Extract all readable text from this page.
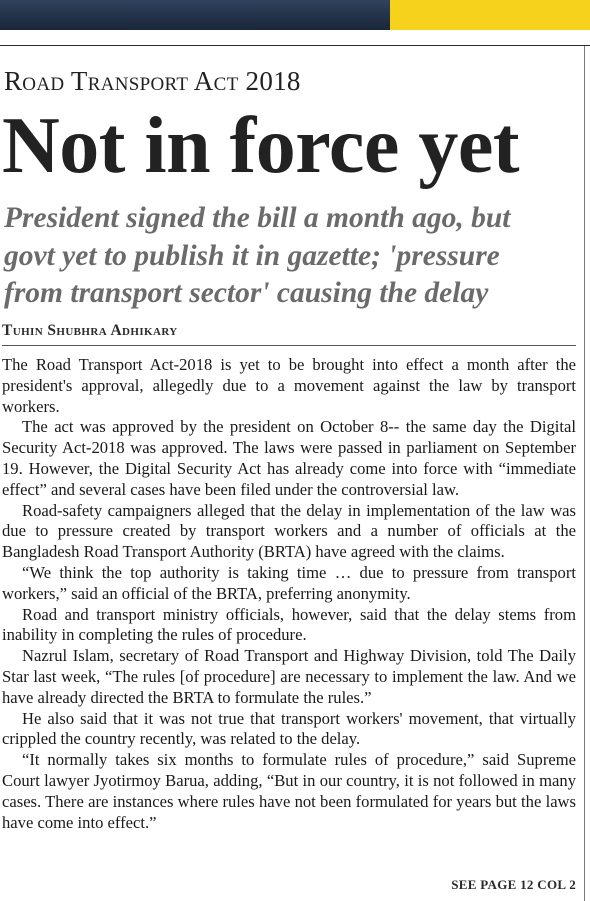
Road Transport Act 2018
Not in force yet
President signed the bill a month ago, but
govt yet to publish it in gazette; 'pressure
from transport sector' causing the delay
Tuhin Shubhra Adhikary

The Road Transport Act-2018 is yet to be brought into effect a month after the president's approval, allegedly due to a movement against the law by transport workers.

The act was approved by the president on October 8-- the same day the Digital Security Act-2018 was approved. The laws were passed in parliament on September 19. However, the Digital Security Act has already come into force with “immediate effect” and several cases have been filed under the controversial law.

Road-safety campaigners alleged that the delay in implementation of the law was due to pressure created by transport workers and a number of officials at the Bangladesh Road Transport Authority (BRTA) have agreed with the claims.

“We think the top authority is taking time … due to pressure from transport workers,” said an official of the BRTA, preferring anonymity.

Road and transport ministry officials, however, said that the delay stems from inability in completing the rules of procedure.

Nazrul Islam, secretary of Road Transport and Highway Division, told The Daily Star last week, “The rules [of procedure] are necessary to implement the law. And we have already directed the BRTA to formulate the rules.”

He also said that it was not true that transport workers' movement, that virtually crippled the country recently, was related to the delay.

“It normally takes six months to formulate rules of procedure,” said Supreme Court lawyer Jyotirmoy Barua, adding, “But in our country, it is not followed in many cases. There are instances where rules have not been formulated for years but the laws have come into effect.”

SEE PAGE 12 COL 2
